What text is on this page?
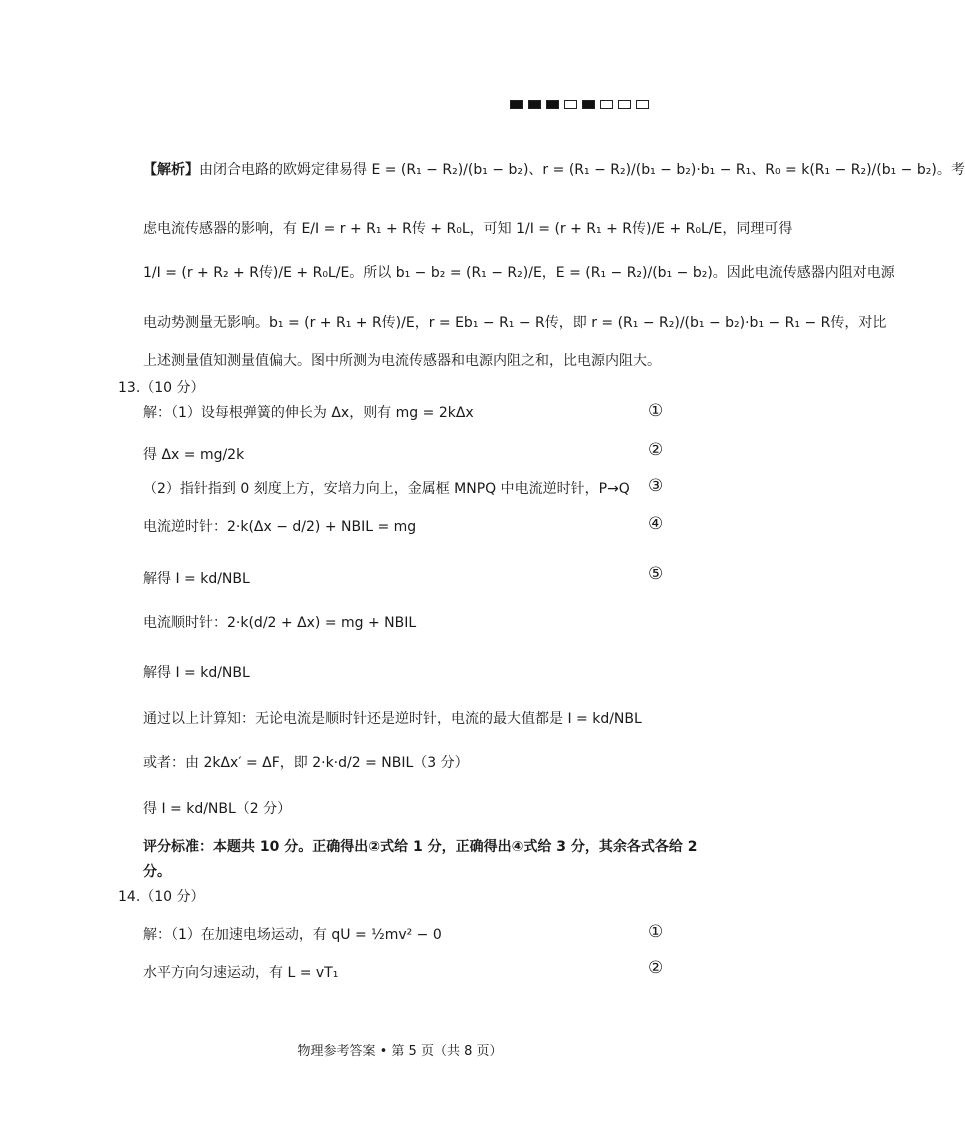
【解析】由闭合电路的欧姆定律易得 E = (R₁ − R₂)/(b₁ − b₂)、r = (R₁ − R₂)/(b₁ − b₂)·b₁ − R₁、R₀ = k(R₁ − R₂)/(b₁ − b₂)。考
虑电流传感器的影响，有 E/I = r + R₁ + R传 + R₀L，可知 1/I = (r + R₁ + R传)/E + R₀L/E，同理可得
1/I = (r + R₂ + R传)/E + R₀L/E。所以 b₁ − b₂ = (R₁ − R₂)/E，E = (R₁ − R₂)/(b₁ − b₂)。因此电流传感器内阻对电源
电动势测量无影响。b₁ = (r + R₁ + R传)/E，r = Eb₁ − R₁ − R传，即 r = (R₁ − R₂)/(b₁ − b₂)·b₁ − R₁ − R传，对比
上述测量值知测量值偏大。图中所测为电流传感器和电源内阻之和，比电源内阻大。
13.（10 分）
解：（1）设每根弹簧的伸长为 Δx，则有 mg = 2kΔx	①
得 Δx = mg/2k	②
（2）指针指到 0 刻度上方，安培力向上，金属框 MNPQ 中电流逆时针，P→Q ③
电流逆时针：2·k(Δx − d/2) + NBIL = mg	④
解得 I = kd/NBL	⑤
电流顺时针：2·k(d/2 + Δx) = mg + NBIL
解得 I = kd/NBL
通过以上计算知：无论电流是顺时针还是逆时针，电流的最大值都是 I = kd/NBL
或者：由 2kΔx′ = ΔF，即 2·k·d/2 = NBIL（3 分）
得 I = kd/NBL（2 分）
评分标准：本题共 10 分。正确得出②式给 1 分，正确得出④式给 3 分，其余各式各给 2
分。
14.（10 分）
解：（1）在加速电场运动，有 qU = ½mv² − 0	①
水平方向匀速运动，有 L = vT₁	②
物理参考答案 • 第 5 页（共 8 页）
